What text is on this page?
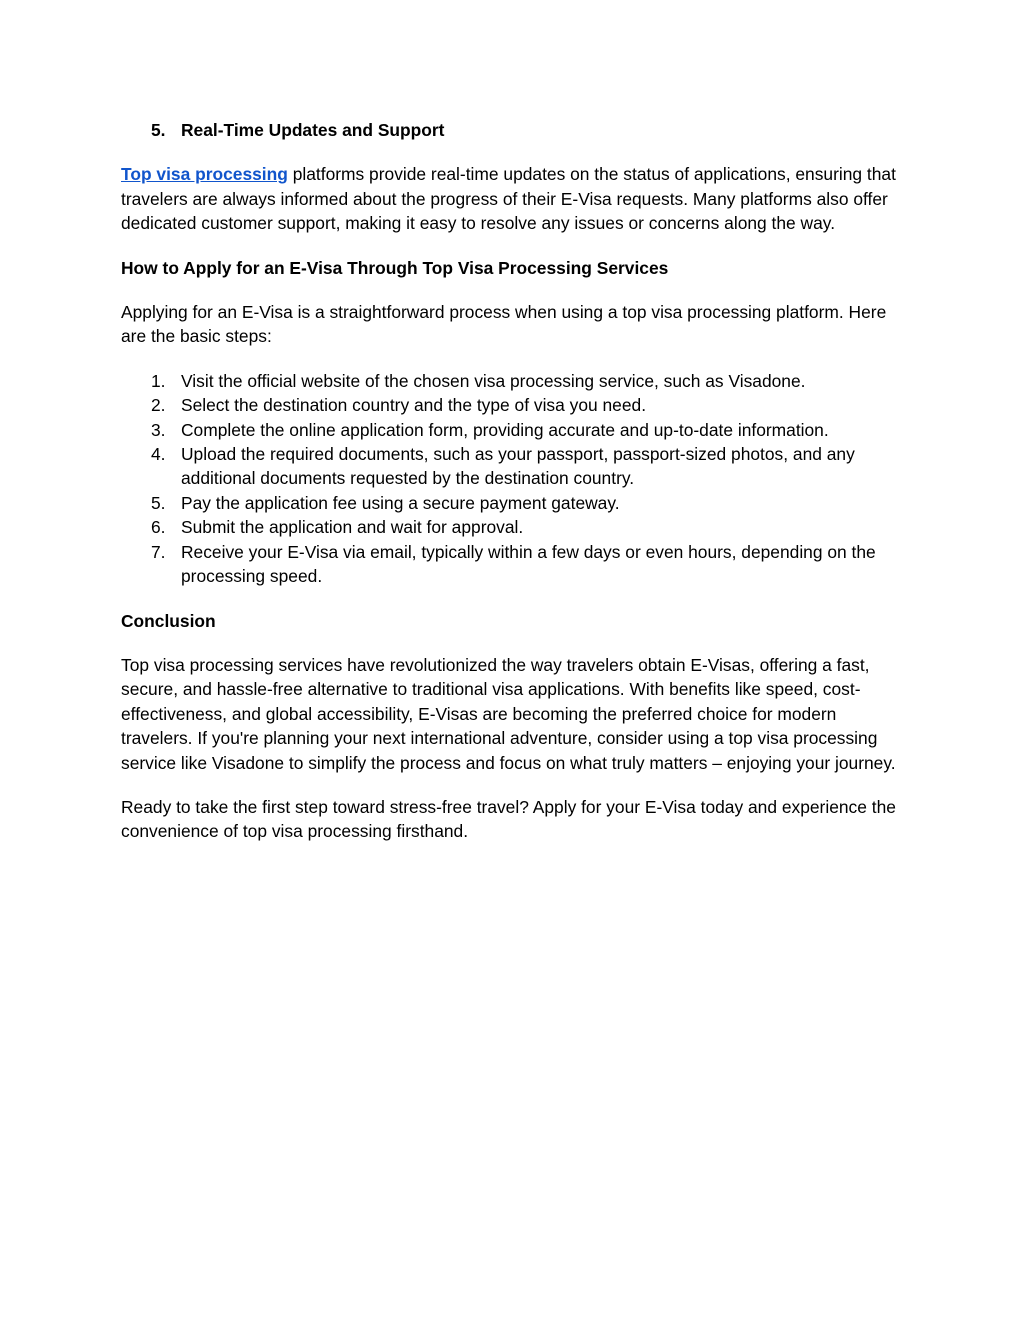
5. Real-Time Updates and Support

Top visa processing platforms provide real-time updates on the status of applications, ensuring that travelers are always informed about the progress of their E-Visa requests. Many platforms also offer dedicated customer support, making it easy to resolve any issues or concerns along the way.

How to Apply for an E-Visa Through Top Visa Processing Services

Applying for an E-Visa is a straightforward process when using a top visa processing platform. Here are the basic steps:

1. Visit the official website of the chosen visa processing service, such as Visadone.
2. Select the destination country and the type of visa you need.
3. Complete the online application form, providing accurate and up-to-date information.
4. Upload the required documents, such as your passport, passport-sized photos, and any additional documents requested by the destination country.
5. Pay the application fee using a secure payment gateway.
6. Submit the application and wait for approval.
7. Receive your E-Visa via email, typically within a few days or even hours, depending on the processing speed.
Conclusion

Top visa processing services have revolutionized the way travelers obtain E-Visas, offering a fast, secure, and hassle-free alternative to traditional visa applications. With benefits like speed, cost-effectiveness, and global accessibility, E-Visas are becoming the preferred choice for modern travelers. If you're planning your next international adventure, consider using a top visa processing service like Visadone to simplify the process and focus on what truly matters – enjoying your journey.

Ready to take the first step toward stress-free travel? Apply for your E-Visa today and experience the convenience of top visa processing firsthand.
